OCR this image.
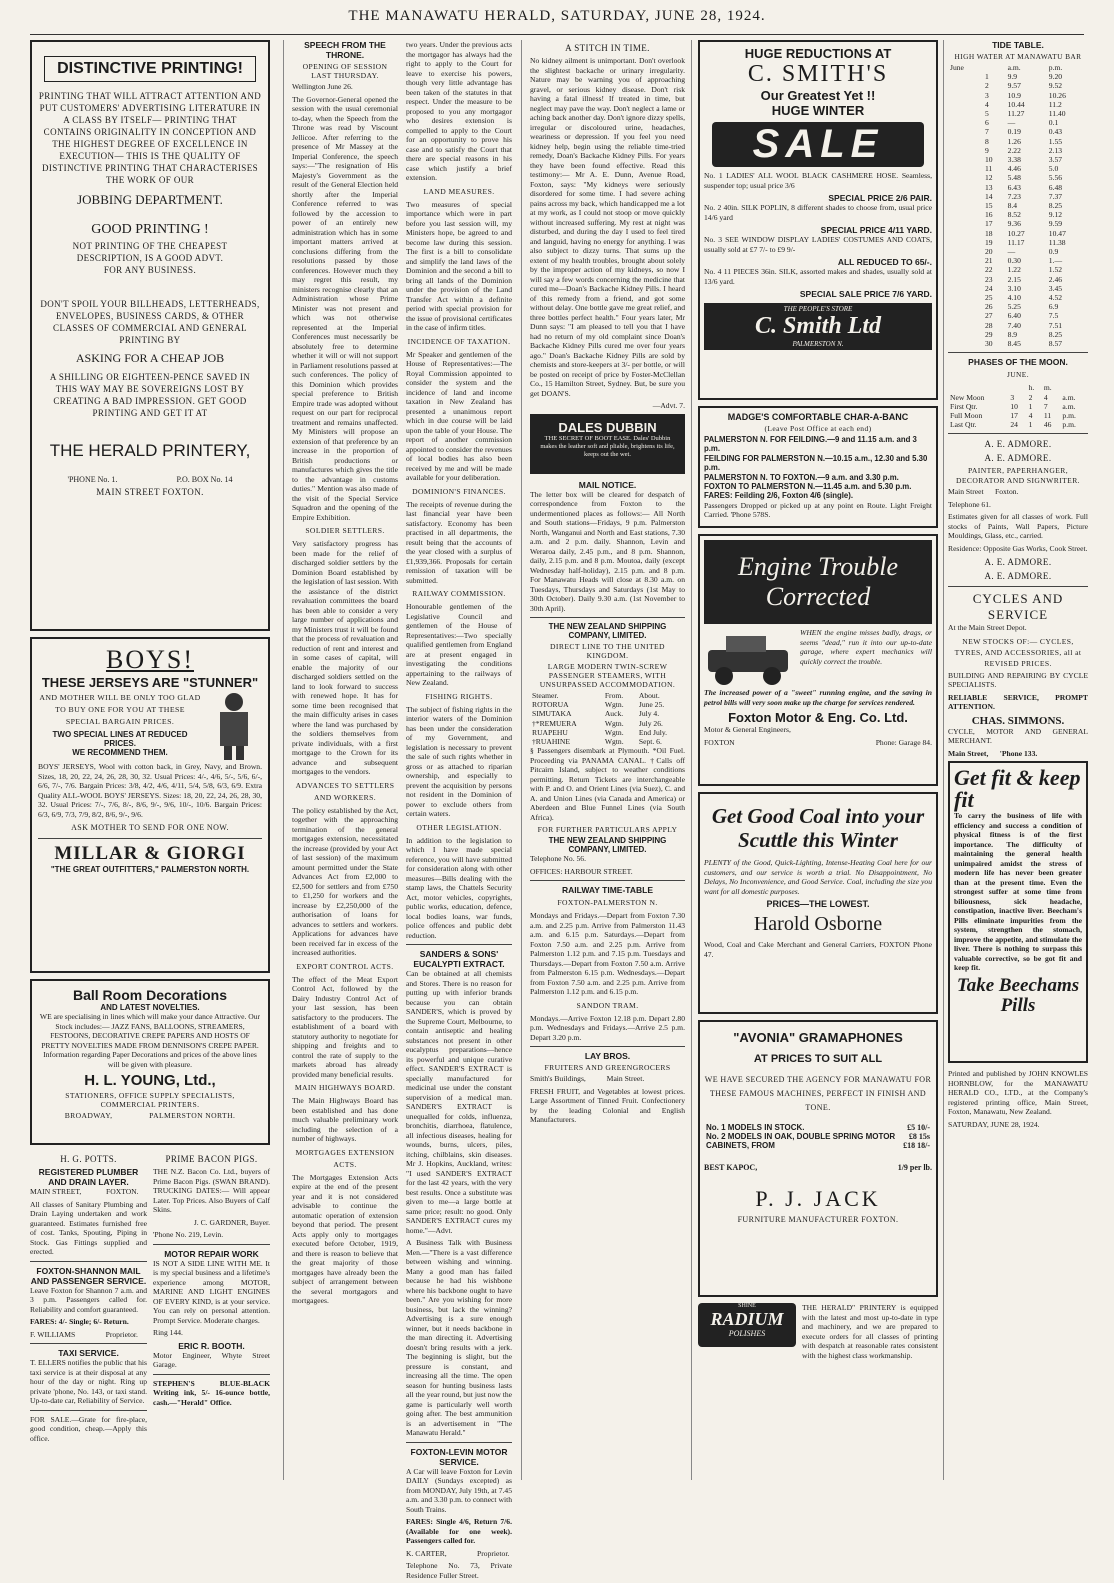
THE MANAWATU HERALD, SATURDAY, JUNE 28, 1924.
DISTINCTIVE PRINTING!
PRINTING THAT WILL ATTRACT ATTENTION AND PUT CUSTOMERS' ADVERTISING LITERATURE IN A CLASS BY ITSELF— PRINTING THAT CONTAINS ORIGINALITY IN CONCEPTION AND THE HIGHEST DEGREE OF EXCELLENCE IN EXECUTION— THIS IS THE QUALITY OF DISTINCTIVE PRINTING THAT CHARACTERISES THE WORK OF OUR
JOBBING DEPARTMENT.
GOOD PRINTING !
NOT PRINTING OF THE CHEAPEST DESCRIPTION, IS A GOOD ADVT. FOR ANY BUSINESS.
DON'T SPOIL YOUR BILLHEADS, LETTERHEADS, ENVELOPES, BUSINESS CARDS, & OTHER CLASSES OF COMMERCIAL AND GENERAL PRINTING BY
ASKING FOR A CHEAP JOB
A SHILLING OR EIGHTEEN-PENCE SAVED IN THIS WAY MAY BE SOVEREIGNS LOST BY CREATING A BAD IMPRESSION. GET GOOD PRINTING AND GET IT AT
THE HERALD PRINTERY,
'PHONE No. 1.	P.O. BOX No. 14
MAIN STREET FOXTON.
BOYS!
THESE JERSEYS ARE "STUNNER"
AND MOTHER WILL BE ONLY TOO GLAD TO BUY ONE FOR YOU AT THESE SPECIAL BARGAIN PRICES.
TWO SPECIAL LINES AT REDUCED PRICES.
WE RECOMMEND THEM.
BOYS' JERSEYS, Wool with cotton back, in Grey, Navy, and Brown. Sizes, 18, 20, 22, 24, 26, 28, 30, 32. Usual Prices: 4/-, 4/6, 5/-, 5/6, 6/-, 6/6, 7/-, 7/6. Bargain Prices: 3/8, 4/2, 4/6, 4/11, 5/4, 5/8, 6/3, 6/9. Extra Quality ALL-WOOL BOYS' JERSEYS. Sizes: 18, 20, 22, 24, 26, 28, 30, 32. Usual Prices: 7/-, 7/6, 8/-, 8/6, 9/-, 9/6, 10/-, 10/6. Bargain Prices: 6/3, 6/9, 7/3, 7/9, 8/2, 8/6, 9/-, 9/6.
ASK MOTHER TO SEND FOR ONE NOW.
MILLAR & GIORGI
"THE GREAT OUTFITTERS," PALMERSTON NORTH.
Ball Room Decorations
AND LATEST NOVELTIES.
WE are specialising in lines which will make your dance Attractive. Our Stock includes:— JAZZ FANS, BALLOONS, STREAMERS, FESTOONS, DECORATIVE CREPE PAPERS AND HOSTS OF PRETTY NOVELTIES MADE FROM DENNISON'S CREPE PAPER. Information regarding Paper Decorations and prices of the above lines will be given with pleasure.
H. L. YOUNG, Ltd.,
STATIONERS, OFFICE SUPPLY SPECIALISTS, COMMERCIAL PRINTERS.
BROADWAY,                PALMERSTON NORTH.
H. G. POTTS.
REGISTERED PLUMBER AND DRAIN LAYER.
MAIN STREET,             FOXTON.
All classes of Sanitary Plumbing and Drain Laying undertaken and work guaranteed. Estimates furnished free of cost. Tanks, Spouting, Piping in Stock. Gas Fittings supplied and erected.
FOXTON-SHANNON MAIL AND PASSENGER SERVICE.
Leave Foxton for Shannon 7 a.m. and 3 p.m. Passengers called for. Reliability and comfort guaranteed.
FARES: 4/- Single; 6/- Return.
F. WILLIAMS                Proprietor.
TAXI SERVICE.
T. ELLERS notifies the public that his taxi service is at their disposal at any hour of the day or night. Ring up private 'phone, No. 143, or taxi stand. Up-to-date car, Reliability of Service.
FOR SALE.—Grate for fire-place, good condition, cheap.—Apply this office.
PRIME BACON PIGS.
THE N.Z. Bacon Co. Ltd., buyers of Prime Bacon Pigs. (SWAN BRAND). TRUCKING DATES:— Will appear Later. Top Prices. Also Buyers of Calf Skins.
J. C. GARDNER, Buyer.
'Phone No. 219, Levin.
MOTOR REPAIR WORK
IS NOT A SIDE LINE WITH ME. It is my special business and a lifetime's experience among MOTOR, MARINE AND LIGHT ENGINES OF EVERY KIND, is at your service. You can rely on personal attention. Prompt Service. Moderate charges.
Ring 144.
ERIC R. BOOTH.
Motor Engineer, Whyte Street Garage.
STEPHEN'S BLUE-BLACK Writing ink, 5/- 16-ounce bottle, cash.—"Herald" Office.
SPEECH FROM THE THRONE.
OPENING OF SESSION LAST THURSDAY.
Wellington June 26.
The Governor-General opened the session with the usual ceremonial to-day, when the Speech from the Throne was read by Viscount Jellicoe. After referring to the presence of Mr Massey at the Imperial Conference, the speech says:—"The resignation of His Majesty's Government as the result of the General Election held shortly after the Imperial Conference referred to was followed by the accession to power of an entirely new administration which has in some important matters arrived at conclusions differing from the resolutions passed by those conferences. However much they may regret this result, my ministers recognise clearly that an Administration whose Prime Minister was not present and which was not otherwise represented at the Imperial Conferences must necessarily be absolutely free to determine whether it will or will not support in Parliament resolutions passed at such conferences. The policy of this Dominion which provides special preference to British Empire trade was adopted without request on our part for reciprocal treatment and remains unaffected. My Ministers will propose an extension of that preference by an increase in the proportion of British productions or manufactures which gives the title to the advantage in customs duties." Mention was also made of the visit of the Special Service Squadron and the opening of the Empire Exhibition.
SOLDIER SETTLERS.
Very satisfactory progress has been made for the relief of discharged soldier settlers by the Dominion Board established by the legislation of last session. With the assistance of the district revaluation committees the board has been able to consider a very large number of applications and my Ministers trust it will be found that the process of revaluation and reduction of rent and interest and in some cases of capital, will enable the majority of our discharged soldiers settled on the land to look forward to success with renewed hope. It has for some time been recognised that the main difficulty arises in cases where the land was purchased by the soldiers themselves from private individuals, with a first mortgage to the Crown for its advance and subsequent mortgages to the vendors.
ADVANCES TO SETTLERS AND WORKERS.
The policy established by the Act, together with the approaching termination of the general mortgages extension, necessitated the increase (provided by your Act of last session) of the maximum amount permitted under the State Advances Act from £2,000 to £2,500 for settlers and from £750 to £1,250 for workers and the increase by £2,250,000 of the authorisation of loans for advances to settlers and workers. Applications for advances have been received far in excess of the increased authorities.
EXPORT CONTROL ACTS.
The effect of the Meat Export Control Act, followed by the Dairy Industry Control Act of your last session, has been satisfactory to the producers. The establishment of a board with statutory authority to negotiate for shipping and freights and to control the rate of supply to the markets abroad has already provided many beneficial results.
MAIN HIGHWAYS BOARD.
The Main Highways Board has been established and has done much valuable preliminary work including the selection of a number of highways.
MORTGAGES EXTENSION ACTS.
The Mortgages Extension Acts expire at the end of the present year and it is not considered advisable to continue the automatic operation of extension beyond that period. The present Acts apply only to mortgages executed before October, 1919, and there is reason to believe that the great majority of those mortgages have already been the subject of arrangement between the several mortgagors and mortgagees.
two years. Under the previous acts the mortgagor has always had the right to apply to the Court for leave to exercise his powers, though very little advantage has been taken of the statutes in that respect. Under the measure to be proposed to you any mortgagor who desires extension is compelled to apply to the Court for an opportunity to prove his case and to satisfy the Court that there are special reasons in his case which justify a brief extension.
LAND MEASURES.
Two measures of special importance which were in part before you last session will, my Ministers hope, be agreed to and become law during this session. The first is a bill to consolidate and simplify the land laws of the Dominion and the second a bill to bring all lands of the Dominion under the provision of the Land Transfer Act within a definite period with special provision for the issue of provisional certificates in the case of infirm titles.
INCIDENCE OF TAXATION.
Mr Speaker and gentlemen of the House of Representatives:—The Royal Commission appointed to consider the system and the incidence of land and income taxation in New Zealand has presented a unanimous report which in due course will be laid upon the table of your House. The report of another commission appointed to consider the revenues of local bodies has also been received by me and will be made available for your deliberation.
DOMINION'S FINANCES.
The receipts of revenue during the last financial year have been satisfactory. Economy has been practised in all departments, the result being that the accounts of the year closed with a surplus of £1,939,366. Proposals for certain remission of taxation will be submitted.
RAILWAY COMMISSION.
Honourable gentlemen of the Legislative Council and gentlemen of the House of Representatives:—Two specially qualified gentlemen from England are at present engaged in investigating the conditions appertaining to the railways of New Zealand.
FISHING RIGHTS.
The subject of fishing rights in the interior waters of the Dominion has been under the consideration of my Government, and legislation is necessary to prevent the sale of such rights whether in gross or as attached to riparian ownership, and especially to prevent the acquisition by persons not resident in the Dominion of power to exclude others from certain waters.
OTHER LEGISLATION.
In addition to the legislation to which I have made special reference, you will have submitted for consideration along with other measures—Bills dealing with the stamp laws, the Chattels Security Act, motor vehicles, copyrights, public works, education, defence, local bodies loans, war funds, police offences and public debt reduction.
SANDERS & SONS' EUCALYPTI EXTRACT.
Can be obtained at all chemists and Stores. There is no reason for putting up with inferior brands because you can obtain SANDER'S, which is proved by the Supreme Court, Melbourne, to contain antiseptic and healing substances not present in other eucalyptus preparations—hence its powerful and unique curative effect. SANDER'S EXTRACT is specially manufactured for medicinal use under the constant supervision of a medical man. SANDER'S EXTRACT is unequalled for colds, influenza, bronchitis, diarrhoea, flatulence, all infectious diseases, healing for wounds, burns, ulcers, piles, itching, chilblains, skin diseases. Mr J. Hopkins, Auckland, writes: "I used SANDER'S EXTRACT for the last 42 years, with the very best results. Once a substitute was given to me—a large bottle at same price; result: no good. Only SANDER'S EXTRACT cures my home."—Advt.
A Business Talk with Business Men.—"There is a vast difference between wishing and winning. Many a good man has failed because he had his wishbone where his backbone ought to have been." Are you wishing for more business, but lack the winning? Advertising is a sure enough winner, but it needs backbone in the man directing it. Advertising doesn't bring results with a jerk. The beginning is slight, but the pressure is constant, and increasing all the time. The open season for hunting business lasts all the year round, but just now the game is particularly well worth going after. The best ammunition is an advertisement in "The Manawatu Herald."
FOXTON-LEVIN MOTOR SERVICE.
A Car will leave Foxton for Levin DAILY (Sundays excepted) as from MONDAY, July 19th, at 7.45 a.m. and 3.30 p.m. to connect with South Trains.
FARES: Single 4/6, Return 7/6. (Available for one week). Passengers called for.
K. CARTER,                Proprietor.
Telephone No. 73, Private Residence Fuller Street.
A STITCH IN TIME.
No kidney ailment is unimportant. Don't overlook the slightest backache or urinary irregularity. Nature may be warning you of approaching gravel, or serious kidney disease. Don't risk having a fatal illness! If treated in time, but neglect may pave the way. Don't neglect a lame or aching back another day. Don't ignore dizzy spells, irregular or discoloured urine, headaches, weariness or depression. If you feel you need kidney help, begin using the reliable time-tried remedy, Doan's Backache Kidney Pills. For years they have been found effective. Read this testimony:— Mr A. E. Dunn, Avenue Road, Foxton, says: "My kidneys were seriously disordered for some time. I had severe aching pains across my back, which handicapped me a lot at my work, as I could not stoop or move quickly without increased suffering. My rest at night was disturbed, and during the day I used to feel tired and languid, having no energy for anything. I was also subject to dizzy turns. That sums up the extent of my health troubles, brought about solely by the improper action of my kidneys, so now I will say a few words concerning the medicine that cured me—Doan's Backache Kidney Pills. I heard of this remedy from a friend, and got some without delay. One bottle gave me great relief, and three bottles perfect health." Four years later, Mr Dunn says: "I am pleased to tell you that I have had no return of my old complaint since Doan's Backache Kidney Pills cured me over four years ago." Doan's Backache Kidney Pills are sold by chemists and store-keepers at 3/- per bottle, or will be posted on receipt of price by Foster-McClellan Co., 15 Hamilton Street, Sydney. But, be sure you get DOAN'S.
—Advt. 7.
DALES DUBBIN
THE SECRET OF BOOT EASE. Dales' Dubbin makes the leather soft and pliable, brightens its life, keeps out the wet.
MAIL NOTICE.
The letter box will be cleared for despatch of correspondence from Foxton to the undermentioned places as follows:— All North and South stations—Fridays, 9 p.m. Palmerston North, Wanganui and North and East stations, 7.30 a.m. and 2 p.m. daily. Shannon, Levin and Weraroa daily, 2.45 p.m., and 8 p.m. Shannon, daily, 2.15 p.m. and 8 p.m. Moutoa, daily (except Wednesday half-holiday), 2.15 p.m. and 8 p.m. For Manawatu Heads will close at 8.30 a.m. on Tuesdays, Thursdays and Saturdays (1st May to 30th October). Daily 9.30 a.m. (1st November to 30th April).
THE NEW ZEALAND SHIPPING COMPANY, LIMITED.
DIRECT LINE TO THE UNITED KINGDOM.
LARGE MODERN TWIN-SCREW PASSENGER STEAMERS, WITH UNSURPASSED ACCOMMODATION.
Steamer.	From.	About.
ROTORUA	Wgtn.	June 25.
SIMUTAKA	Auck.	July 4.
†*REMUERA	Wgtn.	July 26.
RUAPEHU	Wgtn.	End July.
†RUAHINE	Wgtn.	Sept. 6.
§ Passengers disembark at Plymouth. *Oil Fuel. Proceeding via PANAMA CANAL. †Calls off Pitcairn Island, subject to weather conditions permitting. Return Tickets are interchangeable with P. and O. and Orient Lines (via Suez), C. and A. and Union Lines (via Canada and America) or Aberdeen and Blue Funnel Lines (via South Africa).
FOR FURTHER PARTICULARS APPLY
THE NEW ZEALAND SHIPPING COMPANY, LIMITED.
Telephone No. 56.
OFFICES: HARBOUR STREET.
RAILWAY TIME-TABLE
FOXTON-PALMERSTON N.
Mondays and Fridays.—Depart from Foxton 7.30 a.m. and 2.25 p.m. Arrive from Palmerston 11.43 a.m. and 6.15 p.m. Saturdays.—Depart from Foxton 7.50 a.m. and 2.25 p.m. Arrive from Palmerston 1.12 p.m. and 7.15 p.m. Tuesdays and Thursdays.—Depart from Foxton 7.50 a.m. Arrive from Palmerston 6.15 p.m. Wednesdays.—Depart from Foxton 7.50 a.m. and 2.25 p.m. Arrive from Palmerston 1.12 p.m. and 6.15 p.m.
SANDON TRAM.
Mondays.—Arrive Foxton 12.18 p.m. Depart 2.80 p.m. Wednesdays and Fridays.—Arrive 2.5 p.m. Depart 3.20 p.m.
LAY BROS.
FRUITERS AND GREENGROCERS
Smith's Buildings,           Main Street.
FRESH FRUIT, and Vegetables at lowest prices. Large Assortment of Tinned Fruit. Confectionery by the leading Colonial and English Manufacturers.
HUGE REDUCTIONS AT
C. SMITH'S
Our Greatest Yet !!
HUGE WINTER
SALE
No. 1 LADIES' ALL WOOL BLACK CASHMERE HOSE. Seamless, suspender top; usual price 3/6
SPECIAL PRICE 2/6 PAIR.
No. 2 40in. SILK POPLIN, 8 different shades to choose from, usual price 14/6 yard
SPECIAL PRICE 4/11 YARD.
No. 3 SEE WINDOW DISPLAY LADIES' COSTUMES AND COATS, usually sold at £7 7/- to £9 9/-
ALL REDUCED TO 65/-.
No. 4 11 PIECES 36in. SILK, assorted makes and shades, usually sold at 13/6 yard.
SPECIAL SALE PRICE 7/6 YARD.
THE PEOPLE'S STORE
C. Smith Ltd
PALMERSTON N.
MADGE'S COMFORTABLE CHAR-A-BANC
(Leave Post Office at each end)
PALMERSTON N. FOR FEILDING.—9 and 11.15 a.m. and 3 p.m.
FEILDING FOR PALMERSTON N.—10.15 a.m., 12.30 and 5.30 p.m.
PALMERSTON N. TO FOXTON.—9 a.m. and 3.30 p.m.
FOXTON TO PALMERSTON N.—11.45 a.m. and 5.30 p.m.
FARES: Feilding 2/6, Foxton 4/6 (single).
Passengers Dropped or picked up at any point en Route. Light Freight Carried. 'Phone 578S.
Engine Trouble Corrected
WHEN the engine misses badly, drags, or seems "dead," run it into our up-to-date garage, where expert mechanics will quickly correct the trouble.
The increased power of a "sweet" running engine, and the saving in petrol bills will very soon make up the charge for services rendered.
Foxton Motor & Eng. Co. Ltd.
Motor & General Engineers,
FOXTON	Phone: Garage 84.
Get Good Coal into your Scuttle this Winter
PLENTY of the Good, Quick-Lighting, Intense-Heating Coal here for our customers, and our service is worth a trial. No Disappointment, No Delays, No Inconvenience, and Good Service. Coal, including the size you want for all domestic purposes.
PRICES—THE LOWEST.
Harold Osborne
Wood, Coal and Cake Merchant and General Carriers, FOXTON Phone 47.
"AVONIA" GRAMAPHONES
AT PRICES TO SUIT ALL
WE HAVE SECURED THE AGENCY FOR MANAWATU FOR THESE FAMOUS MACHINES, PERFECT IN FINISH AND TONE.
No. 1 MODELS IN STOCK.	£5 10/-
No. 2 MODELS IN OAK, DOUBLE SPRING MOTOR	£8 15s
CABINETS, FROM	£18 18/-
BEST KAPOC,	1/9 per lb.
P. J. JACK
FURNITURE MANUFACTURER FOXTON.
SHINE
RADIUM
POLISHES
THE HERALD" PRINTERY is equipped with the latest and most up-to-date in type and machinery, and we are prepared to execute orders for all classes of printing with despatch at reasonable rates consistent with the highest class workmanship.
TIDE TABLE.
HIGH WATER AT MANAWATU BAR
June		a.m.	p.m.
	1	9.9	9.20
	2	9.57	9.52
	3	10.9	10.26
	4	10.44	11.2
	5	11.27	11.40
	6	—	0.1
	7	0.19	0.43
	8	1.26	1.55
	9	2.22	2.13
	10	3.38	3.57
	11	4.46	5.0
	12	5.48	5.56
	13	6.43	6.48
	14	7.23	7.37
	15	8.4	8.25
	16	8.52	9.12
	17	9.36	9.59
	18	10.27	10.47
	19	11.17	11.38
	20	—	0.9
	21	0.30	1.—
	22	1.22	1.52
	23	2.15	2.46
	24	3.10	3.45
	25	4.10	4.52
	26	5.25	6.9
	27	6.40	7.5
	28	7.40	7.51
	29	8.9	8.25
	30	8.45	8.57
PHASES OF THE MOON.
JUNE.
		h.	m.	
New Moon	3	2	4	a.m.
First Qtr.	10	1	7	a.m.
Full Moon	17	4	11	p.m.
Last Qtr.	24	1	46	p.m.
A. E. ADMORE.
A. E. ADMORE.
PAINTER, PAPERHANGER, DECORATOR AND SIGNWRITER.
Main Street      Foxton.
Telephone 61.
Estimates given for all classes of work. Full stocks of Paints, Wall Papers, Picture Mouldings, Glass, etc., carried.
Residence: Opposite Gas Works, Cook Street.
A. E. ADMORE.
A. E. ADMORE.
CYCLES AND SERVICE
At the Main Street Depot.
NEW STOCKS OF:— CYCLES, TYRES, AND ACCESSORIES, all at REVISED PRICES.
BUILDING AND REPAIRING BY CYCLE SPECIALISTS.
RELIABLE SERVICE, PROMPT ATTENTION.
CHAS. SIMMONS.
CYCLE, MOTOR AND GENERAL MERCHANT.
Main Street,      'Phone 133.
Get fit & keep fit
To carry the business of life with efficiency and success a condition of physical fitness is of the first importance. The difficulty of maintaining the general health unimpaired amidst the stress of modern life has never been greater than at the present time. Even the strongest suffer at some time from biliousness, sick headache, constipation, inactive liver. Beecham's Pills eliminate impurities from the system, strengthen the stomach, improve the appetite, and stimulate the liver. There is nothing to surpass this valuable corrective, so be got fit and keep fit.
Take Beechams Pills
Printed and published by JOHN KNOWLES HORNBLOW, for the MANAWATU HERALD CO., LTD., at the Company's registered printing office, Main Street, Foxton, Manawatu, New Zealand.
SATURDAY, JUNE 28, 1924.
